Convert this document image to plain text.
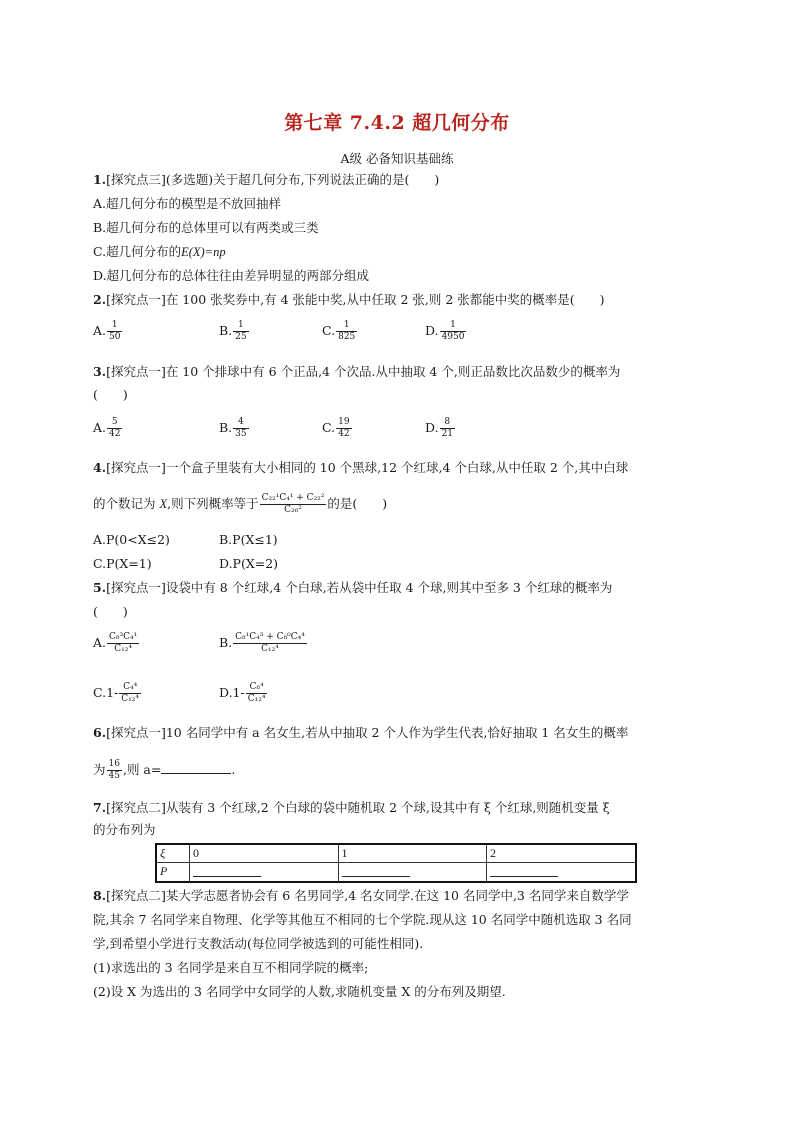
第七章 7.4.2 超几何分布
A级 必备知识基础练
1.[探究点三](多选题)关于超几何分布,下列说法正确的是(　　)
A.超几何分布的模型是不放回抽样
B.超几何分布的总体里可以有两类或三类
C.超几何分布的E(X)=np
D.超几何分布的总体往往由差异明显的两部分组成
2.[探究点一]在 100 张奖券中,有 4 张能中奖,从中任取 2 张,则 2 张都能中奖的概率是(　　)
A. $\frac{1}{50}$	B. $\frac{1}{25}$	C. $\frac{1}{825}$	D. $\frac{1}{4950}$
3.[探究点一]在 10 个排球中有 6 个正品,4 个次品.从中抽取 4 个,则正品数比次品数少的概率为
(　　)
A. $\frac{5}{42}$	B. $\frac{4}{35}$	C. $\frac{19}{42}$	D. $\frac{8}{21}$
4.[探究点一]一个盒子里装有大小相同的 10 个黑球,12 个红球,4 个白球,从中任取 2 个,其中白球
的个数记为 X,则下列概率等于 $\frac{\text{C₂₂¹C₄¹ + C₂₂²}}{\text{C₂₆²}}$ 的是(　　)
A.P(0<X≤2)	B.P(X≤1)
C.P(X=1)	D.P(X=2)
5.[探究点一]设袋中有 8 个红球,4 个白球,若从袋中任取 4 个球,则其中至多 3 个红球的概率为
(　　)
A. $\frac{\text{C₈³C₄¹}}{\text{C₁₂⁴}}$	B. $\frac{\text{C₈¹C₄³ + C₈⁰C₄⁴}}{\text{C₁₂⁴}}$
$C.1- \frac{\text{C₄⁴}}{\text{C₁₂⁴}}$	$D.1- \frac{\text{C₈⁴}}{\text{C₁₂⁴}}$
6.[探究点一]10 名同学中有 a 名女生,若从中抽取 2 个人作为学生代表,恰好抽取 1 名女生的概率
为 $\frac{16}{45}$ ,则 a=	.
7.[探究点二]从装有 3 个红球,2 个白球的袋中随机取 2 个球,设其中有 ξ 个红球,则随机变量 ξ
的分布列为
ξ	0	1	2
P			
8.[探究点二]某大学志愿者协会有 6 名男同学,4 名女同学.在这 10 名同学中,3 名同学来自数学学
院,其余 7 名同学来自物理、化学等其他互不相同的七个学院.现从这 10 名同学中随机选取 3 名同
学,到希望小学进行支教活动(每位同学被选到的可能性相同).
(1)求选出的 3 名同学是来自互不相同学院的概率;
(2)设 X 为选出的 3 名同学中女同学的人数,求随机变量 X 的分布列及期望.
